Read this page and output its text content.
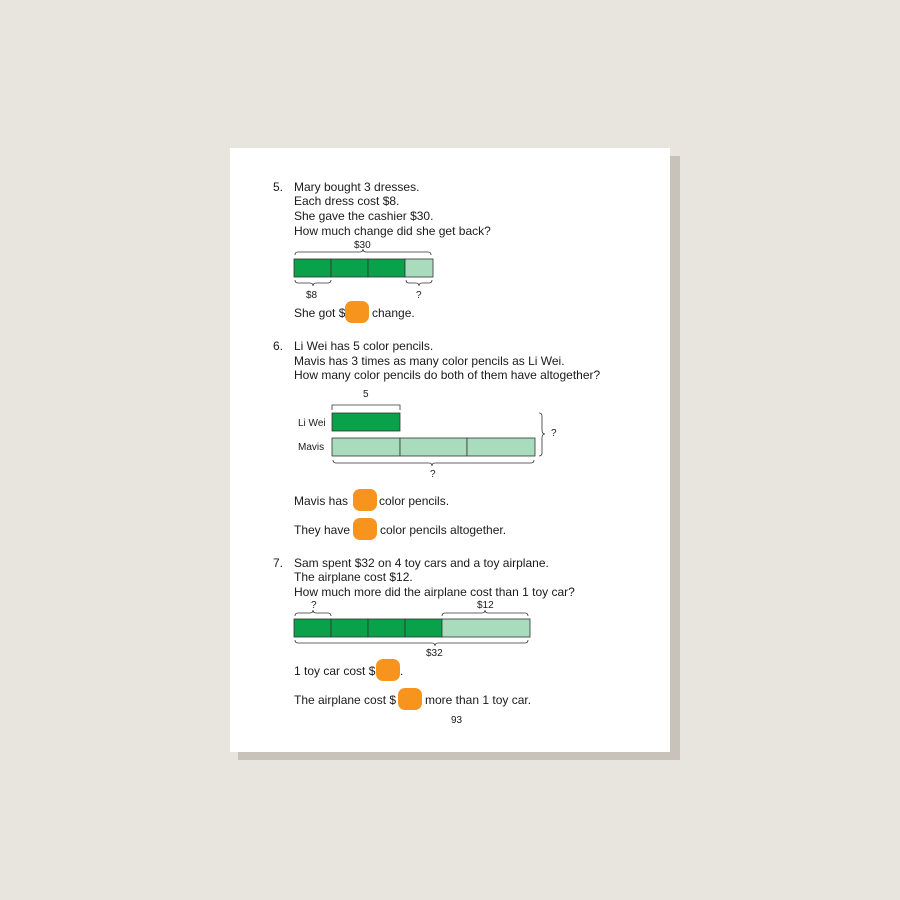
5. Mary bought 3 dresses.
Each dress cost $8.
She gave the cashier $30.
How much change did she get back?
$30
$8	?
She got $ change.
6. Li Wei has 5 color pencils.
Mavis has 3 times as many color pencils as Li Wei.
How many color pencils do both of them have altogether?
5
Li Wei
Mavis
?
?
Mavis has	color pencils.
They have color pencils altogether.
7. Sam spent $32 on 4 toy cars and a toy airplane.
The airplane cost $12.
How much more did the airplane cost than 1 toy car?
?	$12
$32
1 toy car cost $ .
The airplane cost $ more than 1 toy car.
93
